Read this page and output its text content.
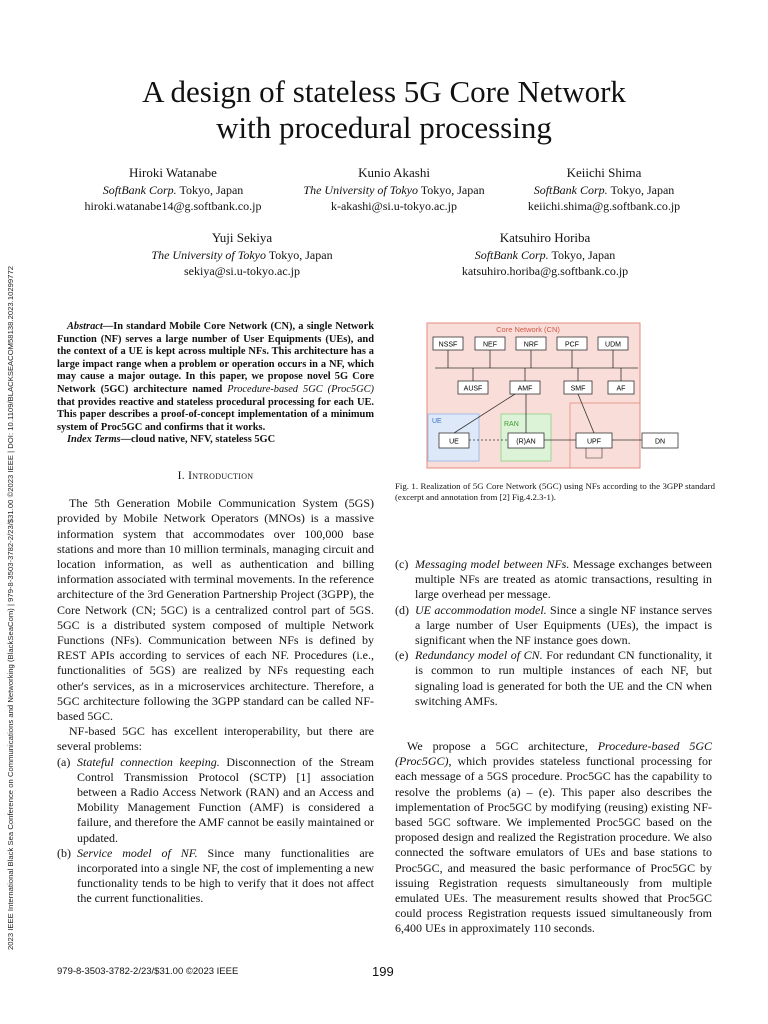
2023 IEEE International Black Sea Conference on Communications and Networking (BlackSeaCom) | 979-8-3503-3782-2/23/$31.00 ©2023 IEEE | DOI: 10.1109/BLACKSEACOM58138.2023.10299772
A design of stateless 5G Core Network
with procedural processing
Hiroki Watanabe
SoftBank Corp. Tokyo, Japan
hiroki.watanabe14@g.softbank.co.jp
Kunio Akashi
The University of Tokyo Tokyo, Japan
k-akashi@si.u-tokyo.ac.jp
Keiichi Shima
SoftBank Corp. Tokyo, Japan
keiichi.shima@g.softbank.co.jp
Yuji Sekiya
The University of Tokyo Tokyo, Japan
sekiya@si.u-tokyo.ac.jp
Katsuhiro Horiba
SoftBank Corp. Tokyo, Japan
katsuhiro.horiba@g.softbank.co.jp
Abstract—In standard Mobile Core Network (CN), a single Network Function (NF) serves a large number of User Equipments (UEs), and the context of a UE is kept across multiple NFs. This architecture has a large impact range when a problem or operation occurs in a NF, which may cause a major outage. In this paper, we propose novel 5G Core Network (5GC) architecture named Procedure-based 5GC (Proc5GC) that provides reactive and stateless procedural processing for each UE. This paper describes a proof-of-concept implementation of a minimum system of Proc5GC and confirms that it works.
Index Terms—cloud native, NFV, stateless 5GC
I. Introduction

The 5th Generation Mobile Communication System (5GS) provided by Mobile Network Operators (MNOs) is a massive information system that accommodates over 100,000 base stations and more than 10 million terminals, managing circuit and location information, as well as authentication and billing information associated with terminal movements. In the reference architecture of the 3rd Generation Partnership Project (3GPP), the Core Network (CN; 5GC) is a centralized control part of 5GS. 5GC is a distributed system composed of multiple Network Functions (NFs). Communication between NFs is defined by REST APIs according to services of each NF. Procedures (i.e., functionalities of 5GS) are realized by NFs requesting each other's services, as in a microservices architecture. Therefore, a 5GC architecture following the 3GPP standard can be called NF-based 5GC.

NF-based 5GC has excellent interoperability, but there are several problems:

(a) Stateful connection keeping. Disconnection of the Stream Control Transmission Protocol (SCTP) [1] association between a Radio Access Network (RAN) and an Access and Mobility Management Function (AMF) is considered a failure, and therefore the AMF cannot be easily maintained or updated.
(b) Service model of NF. Since many functionalities are incorporated into a single NF, the cost of implementing a new functionality tends to be high to verify that it does not affect the current functionalities.
Core Network (CN)
NSSF	NEF	NRF	PCF	UDM
AUSF	AMF	SMF	AF
UE
UE
RAN
(R)AN	UPF	DN
Fig. 1. Realization of 5G Core Network (5GC) using NFs according to the 3GPP standard (excerpt and annotation from [2] Fig.4.2.3-1).
(c) Messaging model between NFs. Message exchanges between multiple NFs are treated as atomic transactions, resulting in large overhead per message.
(d) UE accommodation model. Since a single NF instance serves a large number of User Equipments (UEs), the impact is significant when the NF instance goes down.
(e) Redundancy model of CN. For redundant CN functionality, it is common to run multiple instances of each NF, but signaling load is generated for both the UE and the CN when switching AMFs.

We propose a 5GC architecture, Procedure-based 5GC (Proc5GC), which provides stateless functional processing for each message of a 5GS procedure. Proc5GC has the capability to resolve the problems (a) – (e). This paper also describes the implementation of Proc5GC by modifying (reusing) existing NF-based 5GC software. We implemented Proc5GC based on the proposed design and realized the Registration procedure. We also connected the software emulators of UEs and base stations to Proc5GC, and measured the basic performance of Proc5GC by issuing Registration requests simultaneously from multiple emulated UEs. The measurement results showed that Proc5GC could process Registration requests issued simultaneously from 6,400 UEs in approximately 110 seconds.

979-8-3503-3782-2/23/$31.00 ©2023 IEEE	199
